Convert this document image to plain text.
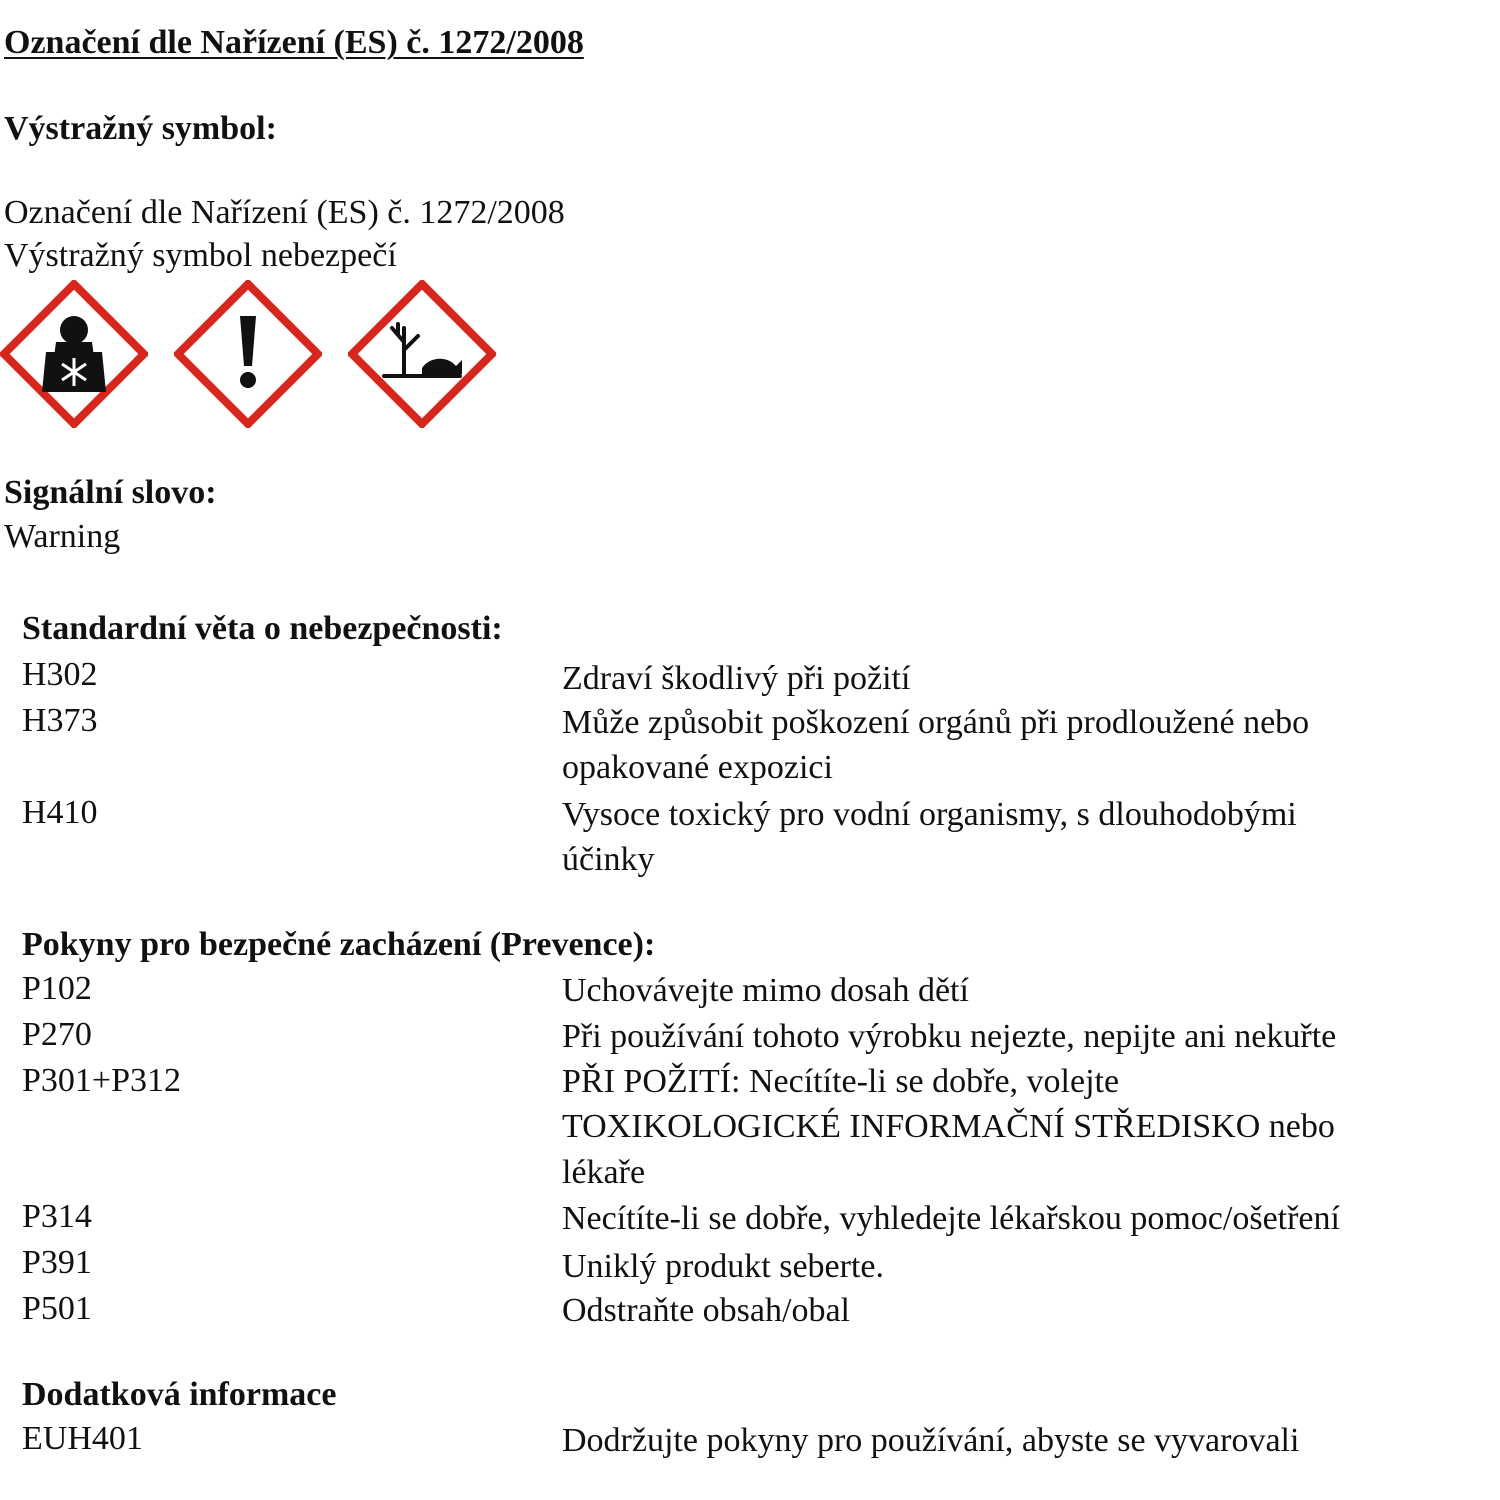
Označení dle Nařízení (ES) č. 1272/2008
Výstražný symbol:
Označení dle Nařízení (ES) č. 1272/2008
Výstražný symbol nebezpečí
Signální slovo:
Warning
Standardní věta o nebezpečnosti:
H302	Zdraví škodlivý při požití
H373	Může způsobit poškození orgánů při prodloužené nebo
opakované expozici
H410	Vysoce toxický pro vodní organismy, s dlouhodobými
účinky
Pokyny pro bezpečné zacházení (Prevence):
P102	Uchovávejte mimo dosah dětí
P270	Při používání tohoto výrobku nejezte, nepijte ani nekuřte
P301+P312	PŘI POŽITÍ: Necítíte-li se dobře, volejte
TOXIKOLOGICKÉ INFORMAČNÍ STŘEDISKO nebo
lékaře
P314	Necítíte-li se dobře, vyhledejte lékařskou pomoc/ošetření
P391	Uniklý produkt seberte.
P501	Odstraňte obsah/obal
Dodatková informace
EUH401	Dodržujte pokyny pro používání, abyste se vyvarovali
